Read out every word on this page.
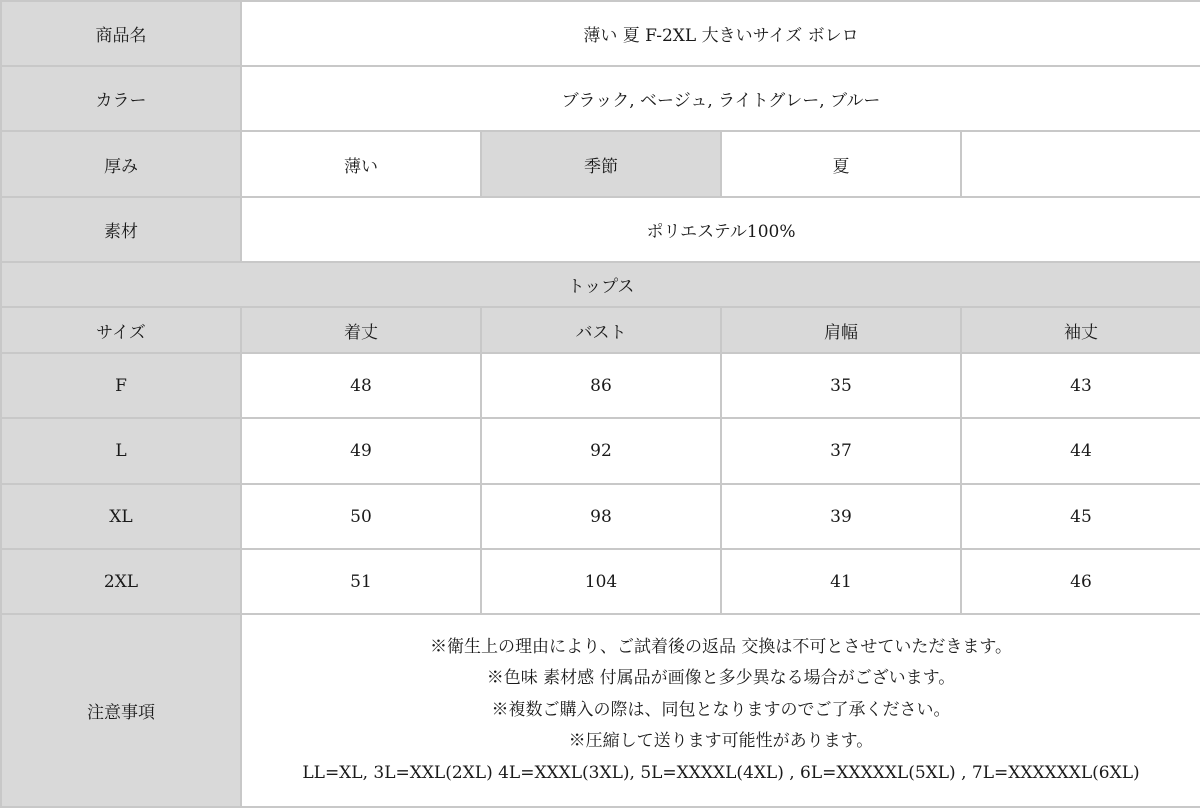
商品名	薄い 夏 F-2XL 大きいサイズ ボレロ			
カラー	ブラック, ベージュ, ライトグレー, ブルー			
厚み	薄い	季節	夏	
素材	ポリエステル100%			
トップス				
サイズ	着丈	バスト	肩幅	袖丈
F	48	86	35	43
L	49	92	37	44
XL	50	98	39	45
2XL	51	104	41	46
注意事項	※衛生上の理由により、ご試着後の返品 交換は不可とさせていただきます。
※色味 素材感 付属品が画像と多少異なる場合がございます。
※複数ご購入の際は、同包となりますのでご了承ください。
※圧縮して送ります可能性があります。
LL=XL, 3L=XXL(2XL) 4L=XXXL(3XL), 5L=XXXXL(4XL) , 6L=XXXXXL(5XL) , 7L=XXXXXXL(6XL)			
